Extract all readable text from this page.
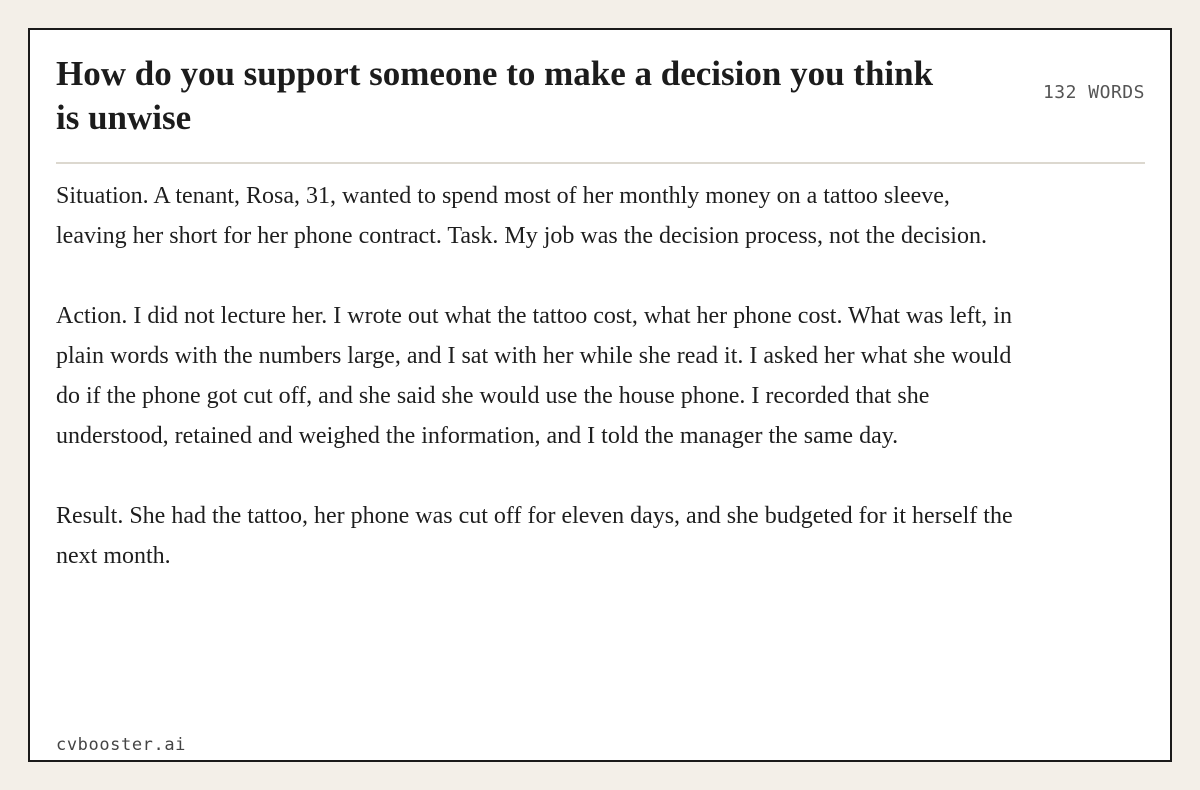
How do you support someone to make a decision you think is unwise
132 WORDS

Situation. A tenant, Rosa, 31, wanted to spend most of her monthly money on a tattoo sleeve, leaving her short for her phone contract. Task. My job was the decision process, not the decision.

Action. I did not lecture her. I wrote out what the tattoo cost, what her phone cost. What was left, in plain words with the numbers large, and I sat with her while she read it. I asked her what she would do if the phone got cut off, and she said she would use the house phone. I recorded that she understood, retained and weighed the information, and I told the manager the same day.

Result. She had the tattoo, her phone was cut off for eleven days, and she budgeted for it herself the next month.

cvbooster.ai
